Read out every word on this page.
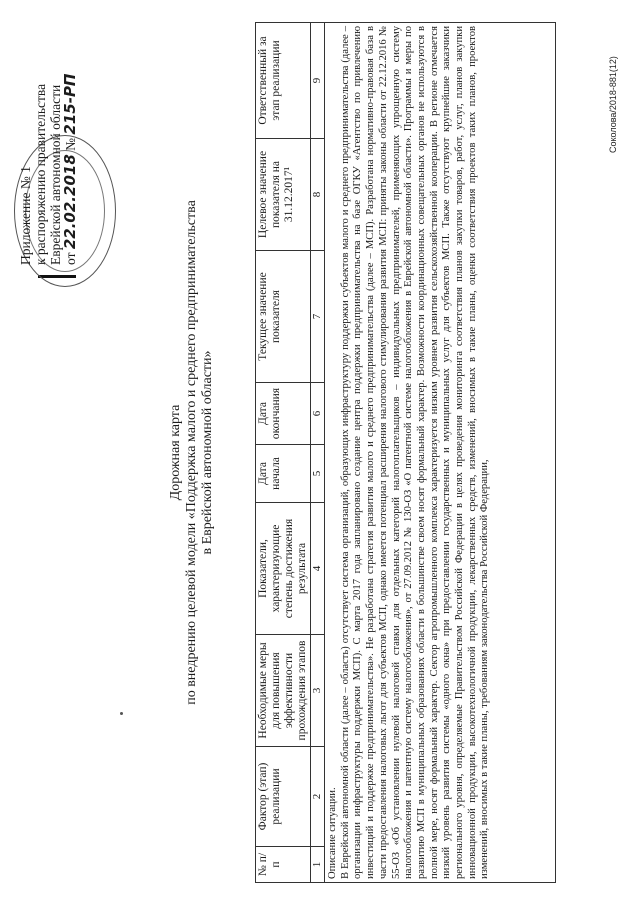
Приложение № 1 к распоряжению правительства Еврейской автономной области от 22.02.2018 № 215-РП
Дорожная карта по внедрению целевой модели «Поддержка малого и среднего предпринимательства в Еврейской автономной области»
№ п/п	Фактор (этап) реализации	Необходимые меры для повышения эффективности прохождения этапов	Показатели, характеризующие степень достижения результата	Дата начала	Дата окончания	Текущее значение показателя	Целевое значение показателя на 31.12.2017¹	Ответственный за этап реализации
1	2	3	4	5	6	7	8	9

Описание ситуации. В Еврейской автономной области (далее – область) отсутствует система организаций, образующих инфраструктуру поддержки субъектов малого и среднего предпринимательства (далее – организации инфраструктуры поддержки МСП). С марта 2017 года запланировано создание центра поддержки предпринимательства на базе ОГКУ «Агентство по привлечению инвестиций и поддержке предпринимательства». Не разработана стратегия развития малого и среднего предпринимательства (далее – МСП). Разработана нормативно-правовая база в части предоставления налоговых льгот для субъектов МСП, однако имеется потенциал расширения налогового стимулирования развития МСП: приняты законы области от 22.12.2016 № 55-ОЗ «Об установлении нулевой налоговой ставки для отдельных категорий налогоплательщиков – индивидуальных предпринимателей, применяющих упрощенную систему налогообложения и патентную систему налогообложения», от 27.09.2012 № 130-ОЗ «О патентной системе налогообложения в Еврейской автономной области». Программы и меры по развитию МСП в муниципальных образованиях области в большинстве своем носят формальный характер. Возможности координационных совещательных органов не используются в полной мере, носят формальный характер. Сектор агропромышленного комплекса характеризуется низким уровнем развития сельскохозяйственной кооперации. В регионе отмечается низкий уровень развития системы «одного окна» при предоставлении государственных и муниципальных услуг для субъектов МСП. Также отсутствуют крупнейшие заказчики регионального уровня, определяемые Правительством Российской Федерации в целях проведения мониторинга соответствия планов закупки товаров, работ, услуг, планов закупки инновационной продукции, высокотехнологичной продукции, лекарственных средств, изменений, вносимых в такие планы, оценки соответствия проектов таких планов, проектов изменений, вносимых в такие планы, требованиям законодательства Российской Федерации,								
Соколова/2018-881(12)
